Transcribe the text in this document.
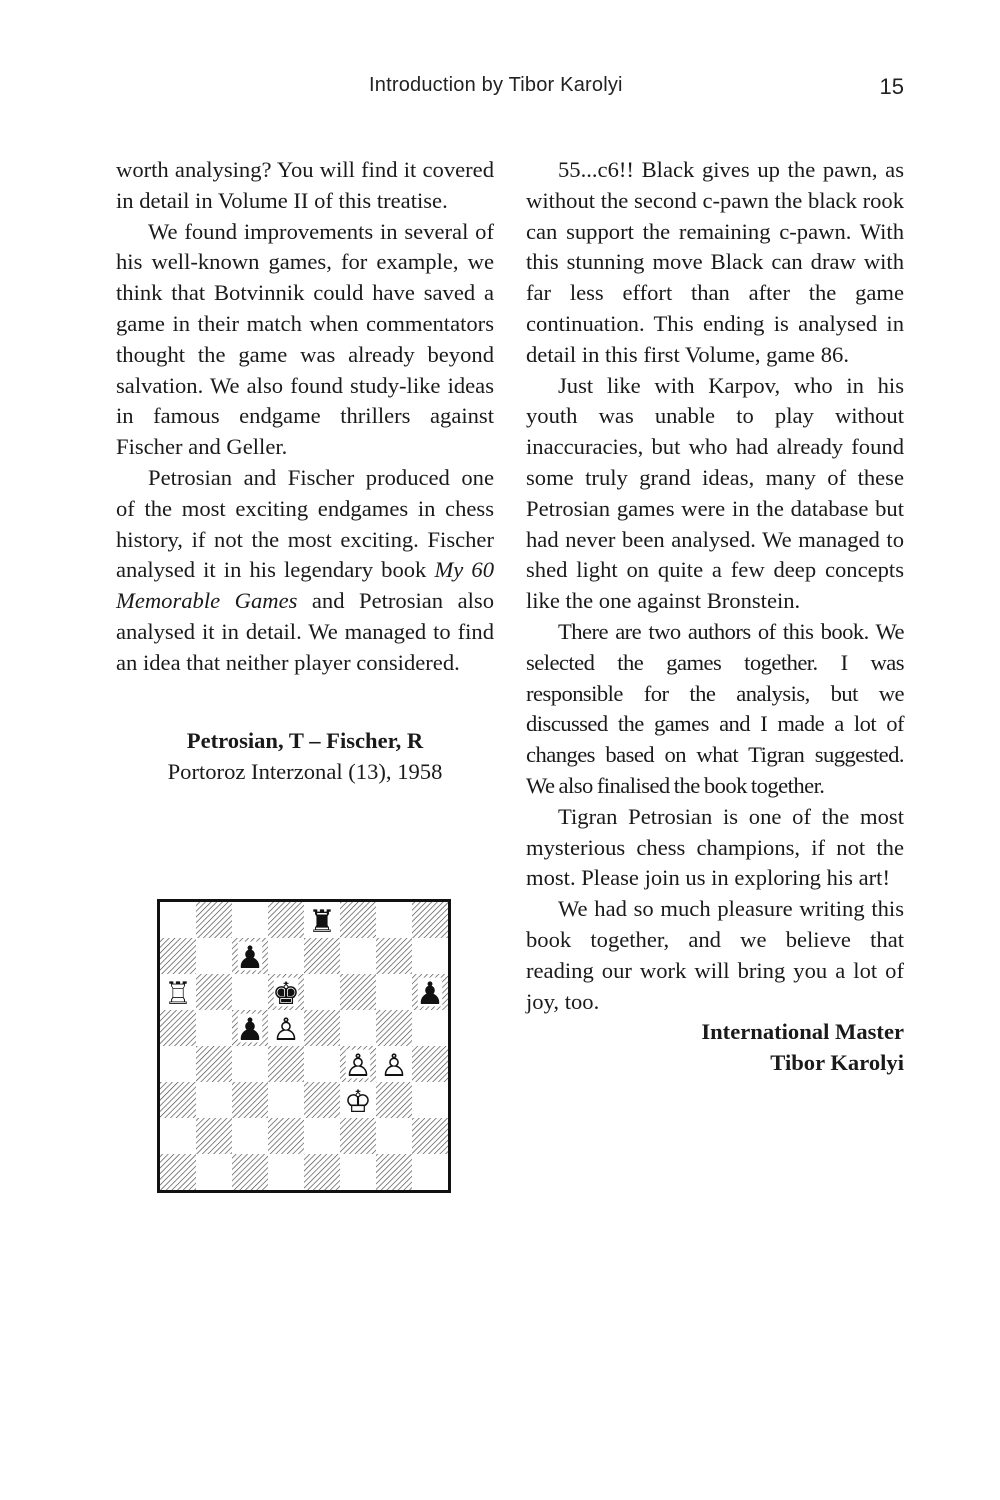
Introduction by Tibor Karolyi	15

worth analysing? You will find it covered in detail in Volume II of this treatise.

We found improvements in several of his well-known games, for example, we think that Botvinnik could have saved a game in their match when commentators thought the game was already beyond salvation. We also found study-like ideas in famous endgame thrillers against Fischer and Geller.

Petrosian and Fischer produced one of the most exciting endgames in chess history, if not the most exciting. Fischer analysed it in his legendary book My 60 Memorable Games and Petrosian also analysed it in detail. We managed to find an idea that neither player considered.

Petrosian, T – Fischer, R
Portoroz Interzonal (13), 1958
♜
♟
♖	♚	♟
♟ ♙
♙ ♙
♔

55...c6!! Black gives up the pawn, as without the second c-pawn the black rook can support the remaining c-pawn. With this stunning move Black can draw with far less effort than after the game continuation. This ending is analysed in detail in this first Volume, game 86.

Just like with Karpov, who in his youth was unable to play without inaccuracies, but who had already found some truly grand ideas, many of these Petrosian games were in the database but had never been analysed. We managed to shed light on quite a few deep concepts like the one against Bronstein.

There are two authors of this book. We selected the games together. I was responsible for the analysis, but we discussed the games and I made a lot of changes based on what Tigran suggested. We also finalised the book together.

Tigran Petrosian is one of the most mysterious chess champions, if not the most. Please join us in exploring his art!

We had so much pleasure writing this book together, and we believe that reading our work will bring you a lot of joy, too.

International Master
Tibor Karolyi
